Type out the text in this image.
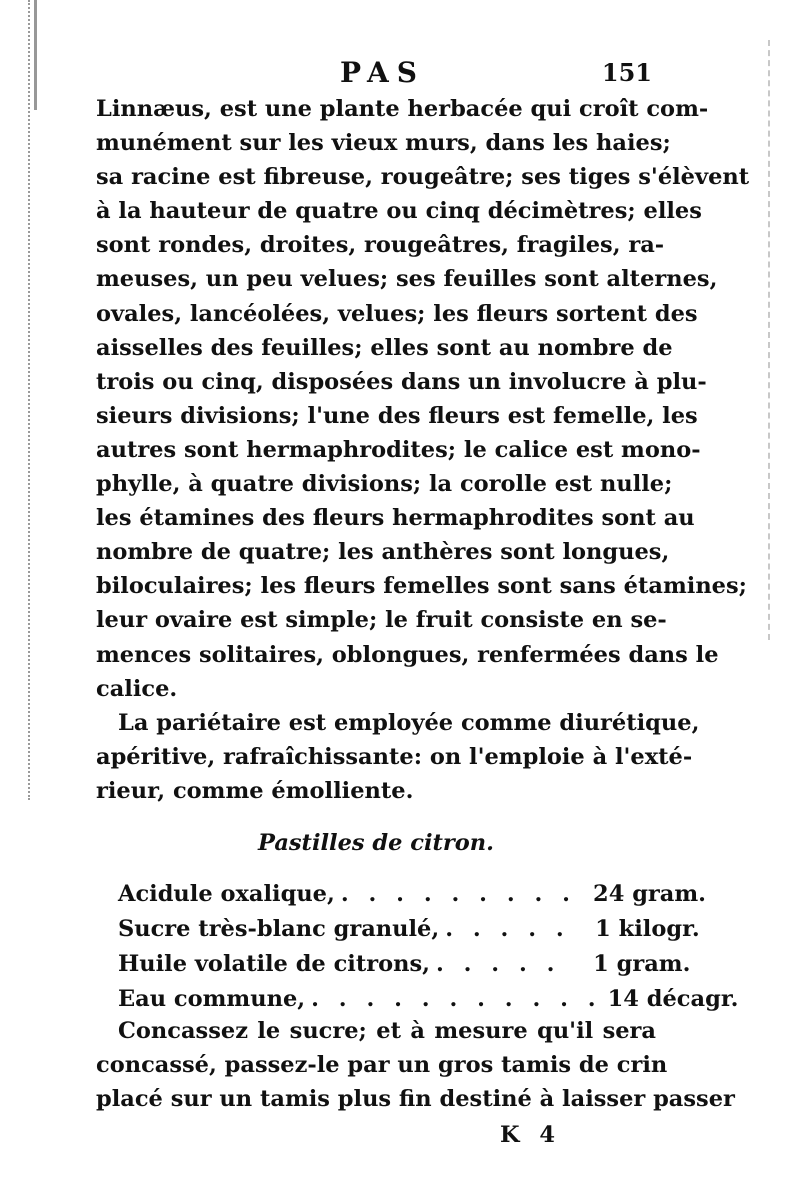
PAS	151
Linnæus, est une plante herbacée qui croît com-
munément sur les vieux murs, dans les haies;
sa racine est fibreuse, rougeâtre; ses tiges s'élèvent
à la hauteur de quatre ou cinq décimètres; elles
sont rondes, droites, rougeâtres, fragiles, ra-
meuses, un peu velues; ses feuilles sont alternes,
ovales, lancéolées, velues; les fleurs sortent des
aisselles des feuilles; elles sont au nombre de
trois ou cinq, disposées dans un involucre à plu-
sieurs divisions; l'une des fleurs est femelle, les
autres sont hermaphrodites; le calice est mono-
phylle, à quatre divisions; la corolle est nulle;
les étamines des fleurs hermaphrodites sont au
nombre de quatre; les anthères sont longues,
biloculaires; les fleurs femelles sont sans étamines;
leur ovaire est simple; le fruit consiste en se-
mences solitaires, oblongues, renfermées dans le
calice.
La pariétaire est employée comme diurétique,
apéritive, rafraîchissante: on l'emploie à l'exté-
rieur, comme émolliente.
Pastilles de citron.
Acidule oxalique, . . . . . . . . . 24 gram.
Sucre très-blanc granulé, . . . . .	1 kilogr.
Huile volatile de citrons, . . . . .	1 gram.
Eau commune, . . . . . . . . . . . 14 décagr.
Concassez le sucre; et à mesure qu'il sera
concassé, passez-le par un gros tamis de crin
placé sur un tamis plus fin destiné à laisser passer
K 4
